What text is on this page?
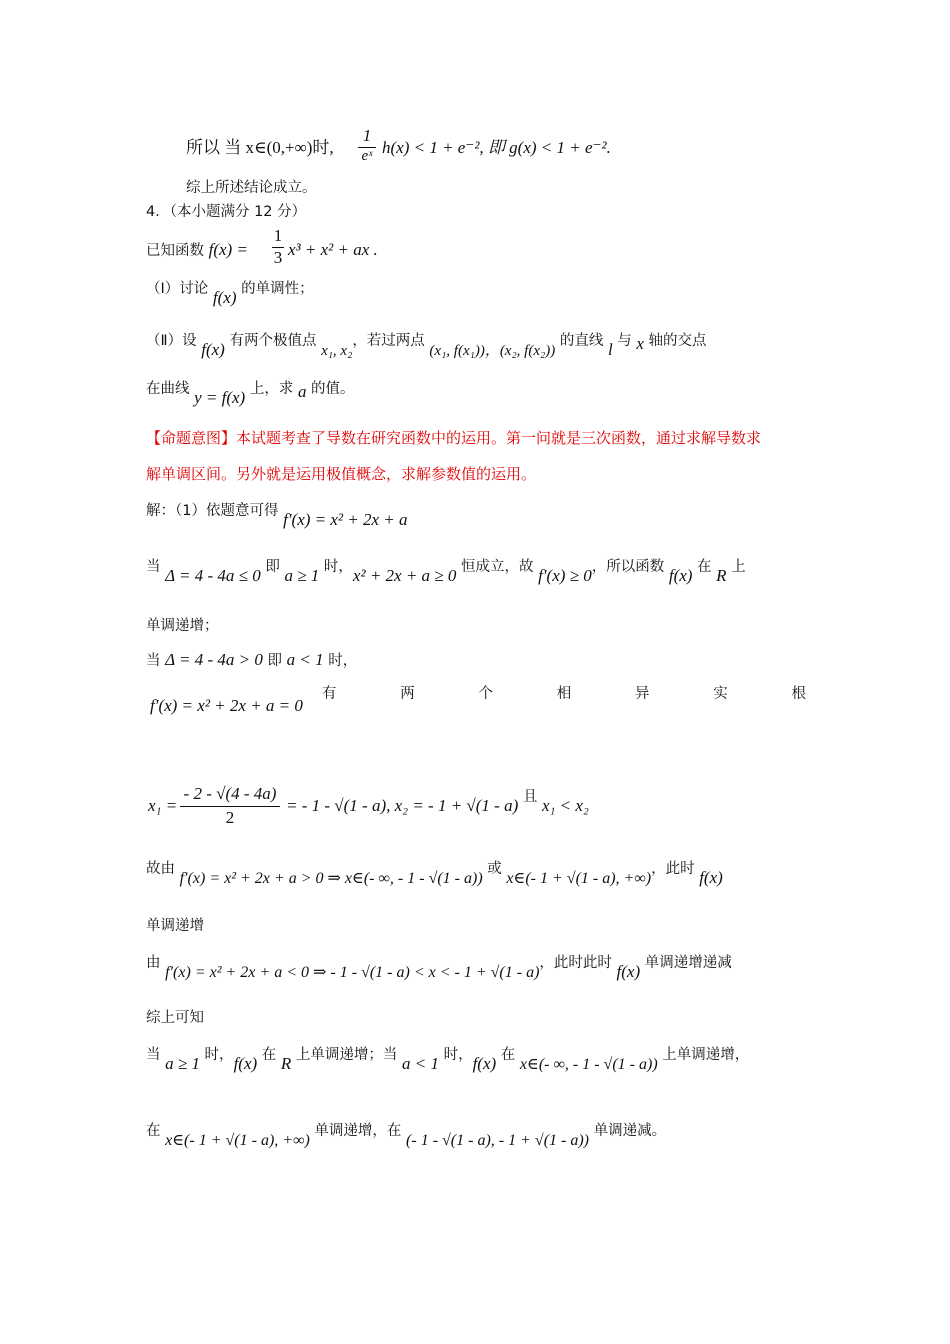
所以 当 x∈(0,+∞)时,
1
eˣ h(x) < 1 + e⁻², 即 g(x) < 1 + e⁻².
综上所述结论成立。
4．（本小题满分 12 分）
已知函数 f(x) =
1
3 x³ + x² + ax .
（Ⅰ）讨论 f(x) 的单调性；
（Ⅱ）设 f(x) 有两个极值点 x₁, x₂，若过两点 (x₁, f(x₁))，(x₂, f(x₂)) 的直线 l 与 x 轴的交点
在曲线 y = f(x) 上，求 a 的值。
【命题意图】本试题考查了导数在研究函数中的运用。第一问就是三次函数，通过求解导数求
解单调区间。另外就是运用极值概念，求解参数值的运用。
解：（1）依题意可得 f′(x) = x² + 2x + a
当 Δ = 4 - 4a ≤ 0 即 a ≥ 1 时，x² + 2x + a ≥ 0 恒成立，故 f′(x) ≥ 0，所以函数 f(x) 在 R 上
单调递增；
当 Δ = 4 - 4a > 0 即 a < 1 时，
f′(x) = x² + 2x + a = 0
有	两	个	相	异	实	根
x₁ =
- 2 - √(4 - 4a)
2
= - 1 - √(1 - a), x₂ = - 1 + √(1 - a) 且 x₁ < x₂
故由 f′(x) = x² + 2x + a > 0 ⇒ x∈(- ∞, - 1 - √(1 - a)) 或 x∈(- 1 + √(1 - a), +∞)，此时 f(x)
单调递增
由 f′(x) = x² + 2x + a < 0 ⇒ - 1 - √(1 - a) < x < - 1 + √(1 - a)，此时此时 f(x) 单调递增递减
综上可知
当 a ≥ 1 时，f(x) 在 R 上单调递增；当 a < 1 时，f(x) 在 x∈(- ∞, - 1 - √(1 - a)) 上单调递增，
在 x∈(- 1 + √(1 - a), +∞) 单调递增，在 (- 1 - √(1 - a), - 1 + √(1 - a)) 单调递减。
